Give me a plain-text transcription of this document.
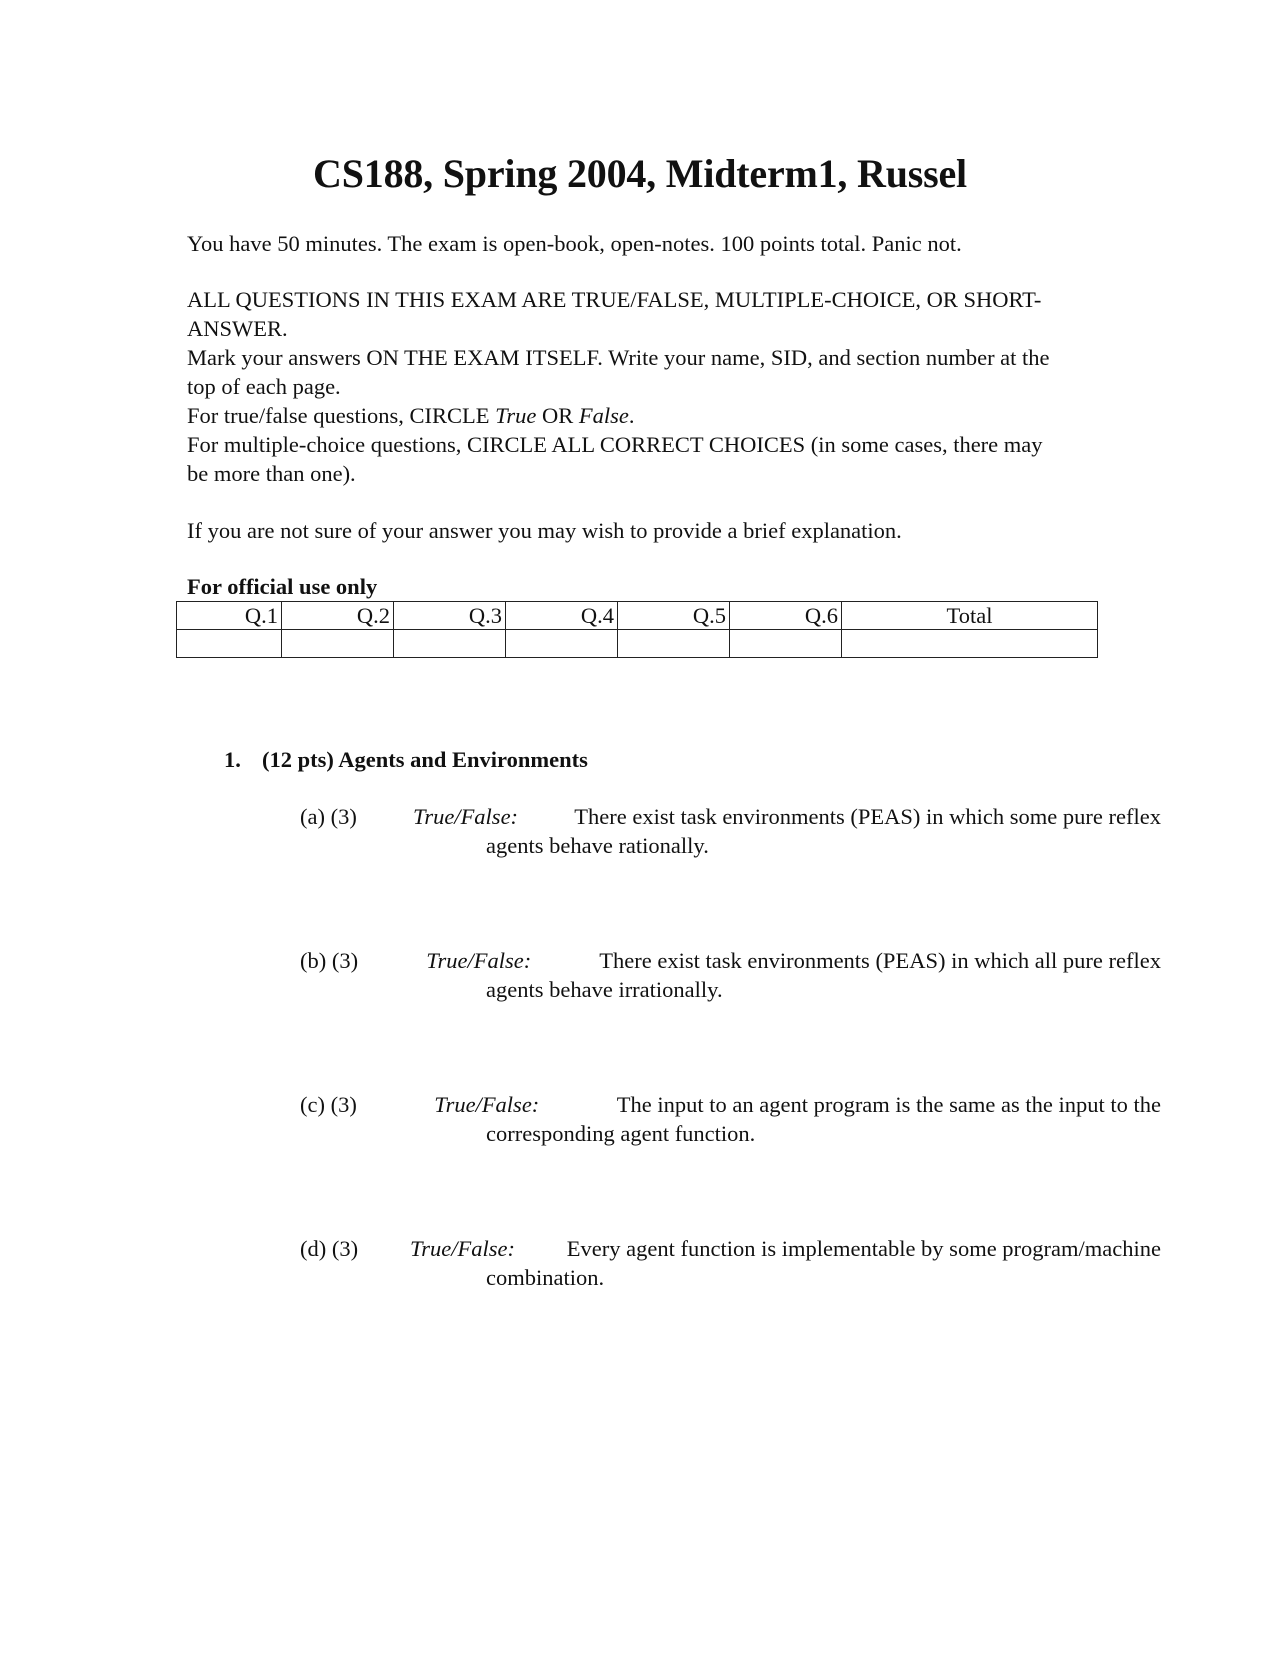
CS188, Spring 2004, Midterm1, Russel
You have 50 minutes. The exam is open-book, open-notes. 100 points total. Panic not.
ALL QUESTIONS IN THIS EXAM ARE TRUE/FALSE, MULTIPLE-CHOICE, OR SHORT-
ANSWER.
Mark your answers ON THE EXAM ITSELF. Write your name, SID, and section number at the
top of each page.
For true/false questions, CIRCLE True OR False.
For multiple-choice questions, CIRCLE ALL CORRECT CHOICES (in some cases, there may
be more than one).
If you are not sure of your answer you may wish to provide a brief explanation.
For official use only
Q.1	Q.2	Q.3	Q.4	Q.5	Q.6	Total

1. (12 pts) Agents and Environments
(a) (3) True/False: There exist task environments (PEAS) in which some pure reflex
agents behave rationally.
(b) (3)	True/False:	There exist task environments (PEAS) in which all pure reflex
agents behave irrationally.
(c) (3)	True/False:	The input to an agent program is the same as the input to the
corresponding agent function.
(d) (3) True/False: Every agent function is implementable by some program/machine
combination.
